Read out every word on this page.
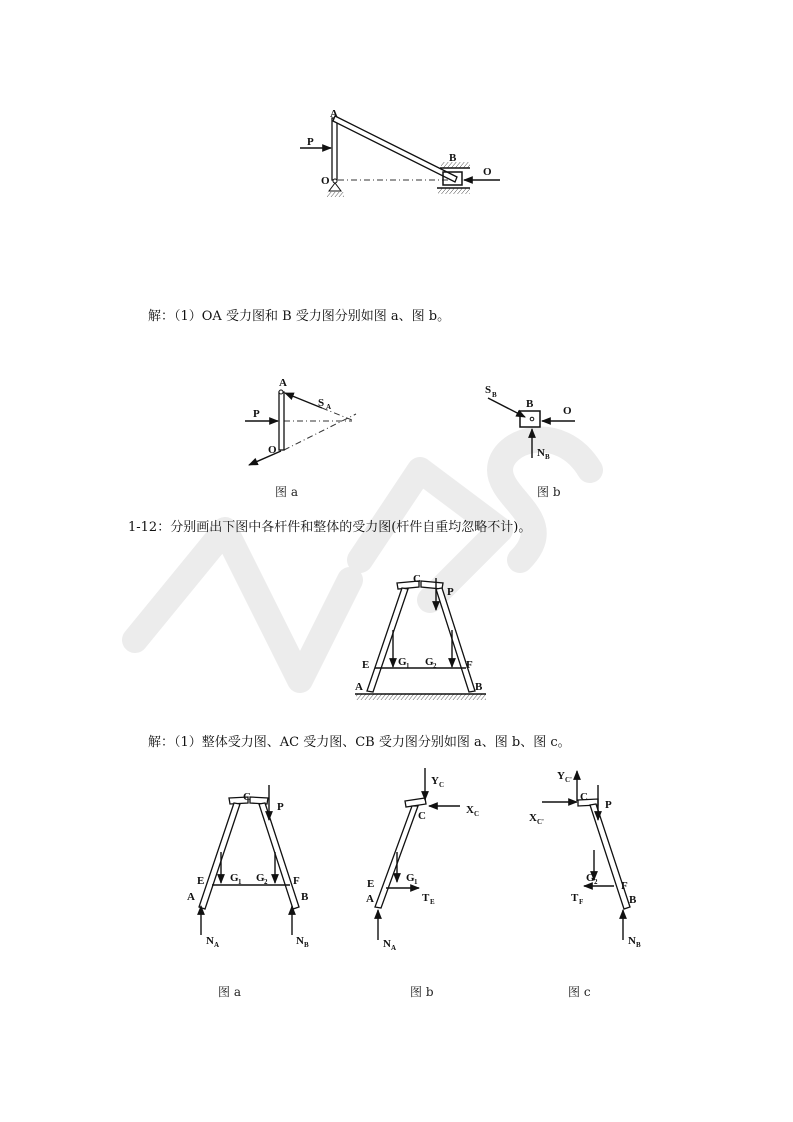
解：（1）OA 受力图和 B 受力图分别如图 a、图 b。
1-12：分别画出下图中各杆件和整体的受力图(杆件自重均忽略不计)。
解：（1）整体受力图、AC 受力图、CB 受力图分别如图 a、图 b、图 c。
A
B
O
P
O
A
S A
P
O
图 a
S B
B
O
N B
图 b
C
P
E	G 1 G 2	F
A	B
C
P
E G 1 G 2 F
A	B
N A	N B
图 a
Y C
C	X C
E	G 1
A	T E
N A
图 b
Y C'
C
X C'
P
G 2 F
T F	B
N B
图 c
